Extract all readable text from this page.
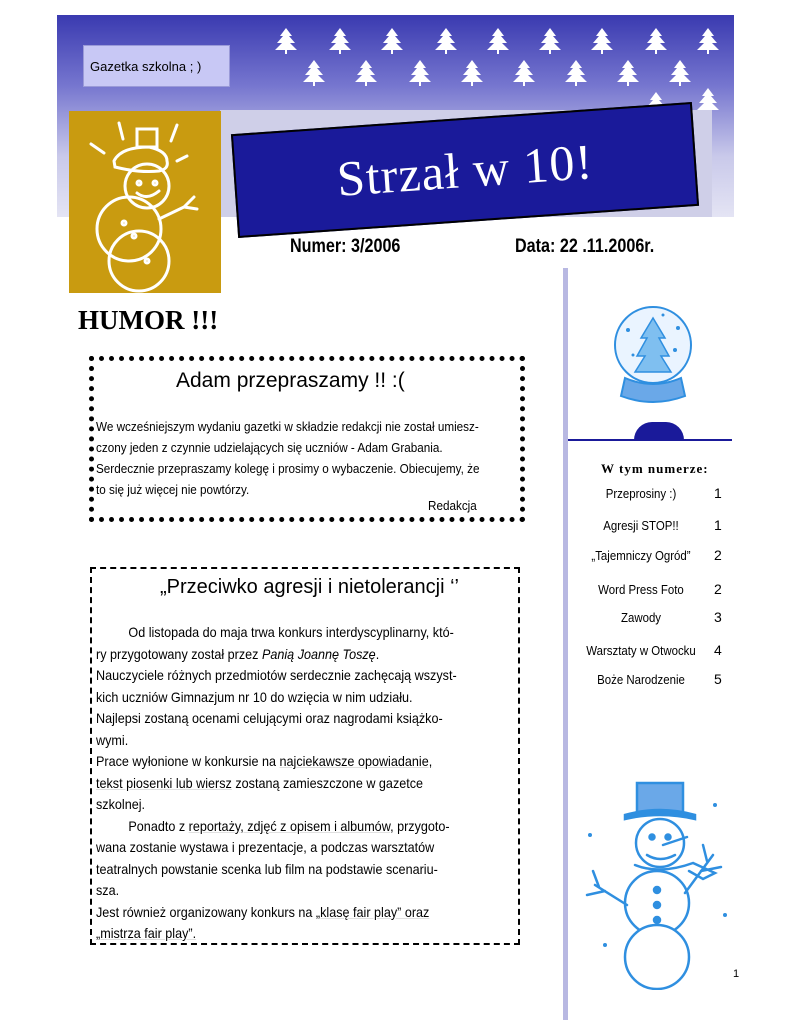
Gazetka szkolna ; )
Strzał w 10!
Numer: 3/2006	Data: 22 .11.2006r.
HUMOR !!!
Adam przepraszamy !! :(
We wcześniejszym wydaniu gazetki w składzie redakcji nie został umiesz-
czony jeden z czynnie udzielających się uczniów - Adam Grabania.
Serdecznie przepraszamy kolegę i prosimy o wybaczenie. Obiecujemy, że
to się już więcej nie powtórzy.
Redakcja
„Przeciwko agresji i nietolerancji ‘’

Od listopada do maja trwa konkurs interdyscyplinarny, któ-

ry przygotowany został przez Panią Joannę Toszę.

Nauczyciele różnych przedmiotów serdecznie zachęcają wszyst-

kich uczniów Gimnazjum nr 10 do wzięcia w nim udziału.

Najlepsi zostaną ocenami celującymi oraz nagrodami książko-

wymi.

Prace wyłonione w konkursie na najciekawsze opowiadanie,

tekst piosenki lub wiersz zostaną zamieszczone w gazetce

szkolnej.

Ponadto z reportaży, zdjęć z opisem i albumów, przygoto-

wana zostanie wystawa i prezentacje, a podczas warsztatów

teatralnych powstanie scenka lub film na podstawie scenariu-

sza.

Jest również organizowany konkurs na „klasę fair play” oraz

„mistrza fair play”.

W tym numerze:
Przeprosiny :)	1
Agresji STOP!!	1
„Tajemniczy Ogród”	2
Word Press Foto	2
Zawody	3
Warsztaty w Otwocku 4
Boże Narodzenie	5
1
